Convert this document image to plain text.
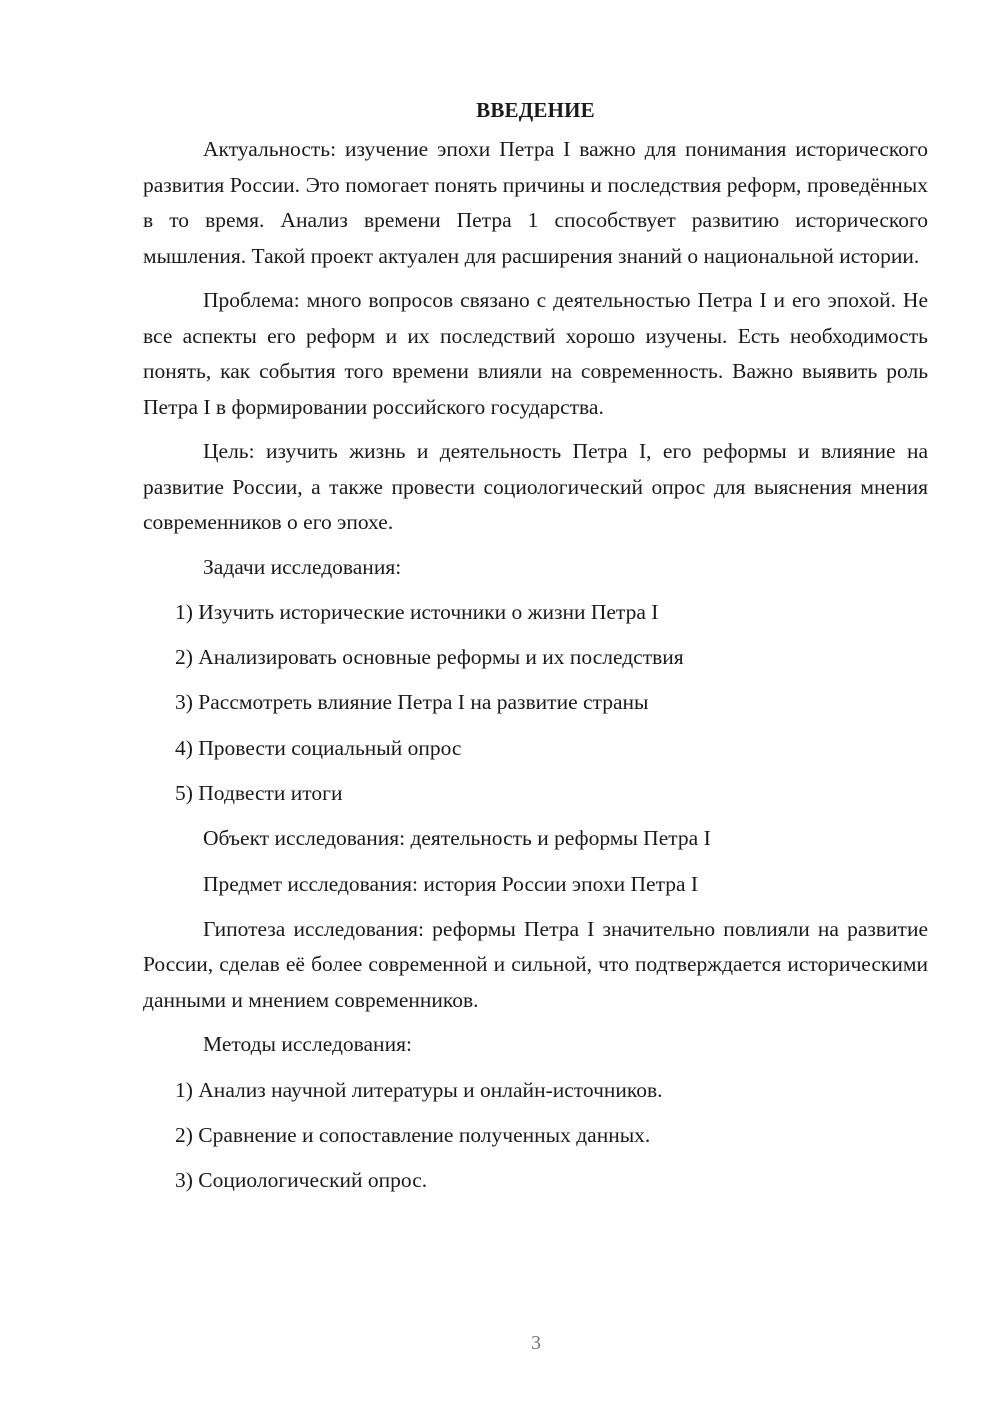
ВВЕДЕНИЕ

Актуальность: изучение эпохи Петра I важно для понимания исторического развития России. Это помогает понять причины и последствия реформ, проведённых в то время. Анализ времени Петра 1 способствует развитию исторического мышления. Такой проект актуален для расширения знаний о национальной истории.

Проблема: много вопросов связано с деятельностью Петра I и его эпохой. Не все аспекты его реформ и их последствий хорошо изучены. Есть необходимость понять, как события того времени влияли на современность. Важно выявить роль Петра I в формировании российского государства.

Цель: изучить жизнь и деятельность Петра I, его реформы и влияние на развитие России, а также провести социологический опрос для выяснения мнения современников о его эпохе.

Задачи исследования:
1) Изучить исторические источники о жизни Петра I
2) Анализировать основные реформы и их последствия
3) Рассмотреть влияние Петра I на развитие страны
4) Провести социальный опрос
5) Подвести итоги
Объект исследования: деятельность и реформы Петра I
Предмет исследования: история России эпохи Петра I

Гипотеза исследования: реформы Петра I значительно повлияли на развитие России, сделав её более современной и сильной, что подтверждается историческими данными и мнением современников.

Методы исследования:
1) Анализ научной литературы и онлайн-источников.
2) Сравнение и сопоставление полученных данных.
3) Социологический опрос.
3
